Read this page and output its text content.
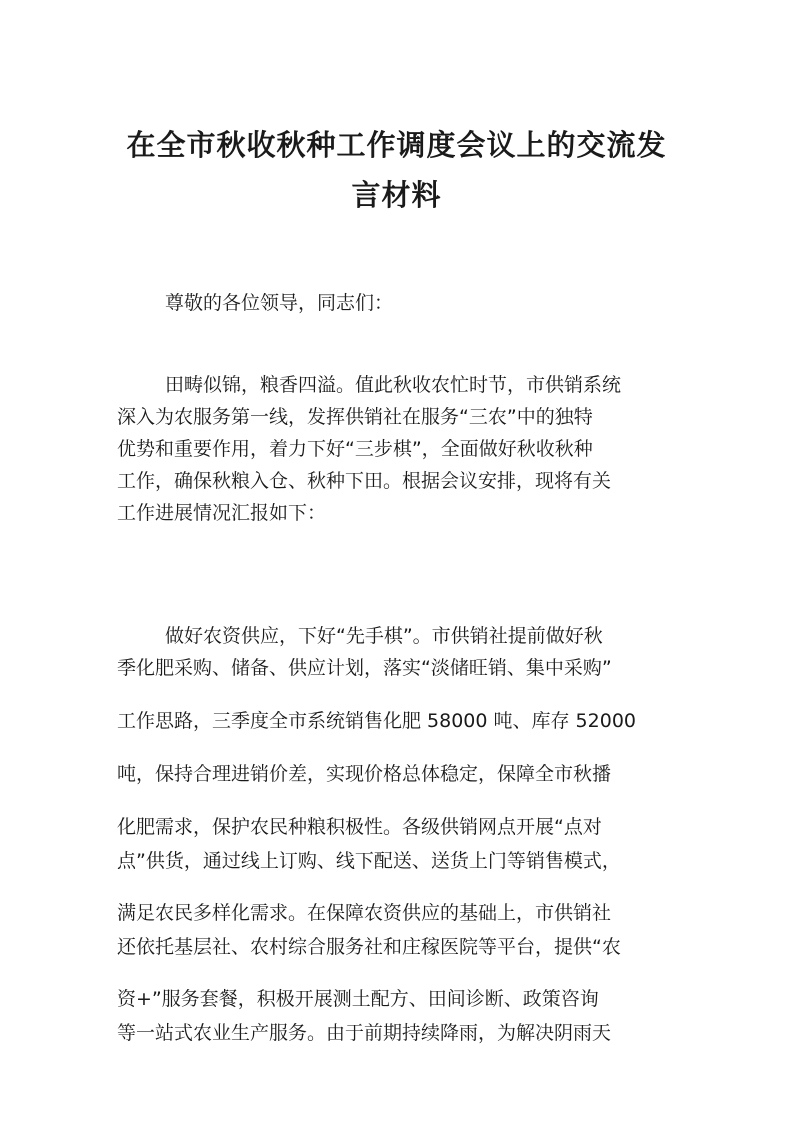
在全市秋收秋种工作调度会议上的交流发
言材料

尊敬的各位领导，同志们：

田畴似锦，粮香四溢。值此秋收农忙时节，市供销系统

深入为农服务第一线，发挥供销社在服务“三农”中的独特

优势和重要作用，着力下好“三步棋”，全面做好秋收秋种

工作，确保秋粮入仓、秋种下田。根据会议安排，现将有关

工作进展情况汇报如下：

做好农资供应，下好“先手棋”。市供销社提前做好秋

季化肥采购、储备、供应计划，落实“淡储旺销、集中采购”

工作思路，三季度全市系统销售化肥 58000 吨、库存 52000

吨，保持合理进销价差，实现价格总体稳定，保障全市秋播

化肥需求，保护农民种粮积极性。各级供销网点开展“点对

点”供货，通过线上订购、线下配送、送货上门等销售模式，

满足农民多样化需求。在保障农资供应的基础上，市供销社

还依托基层社、农村综合服务社和庄稼医院等平台，提供“农

资+”服务套餐，积极开展测土配方、田间诊断、政策咨询

等一站式农业生产服务。由于前期持续降雨，为解决阴雨天
